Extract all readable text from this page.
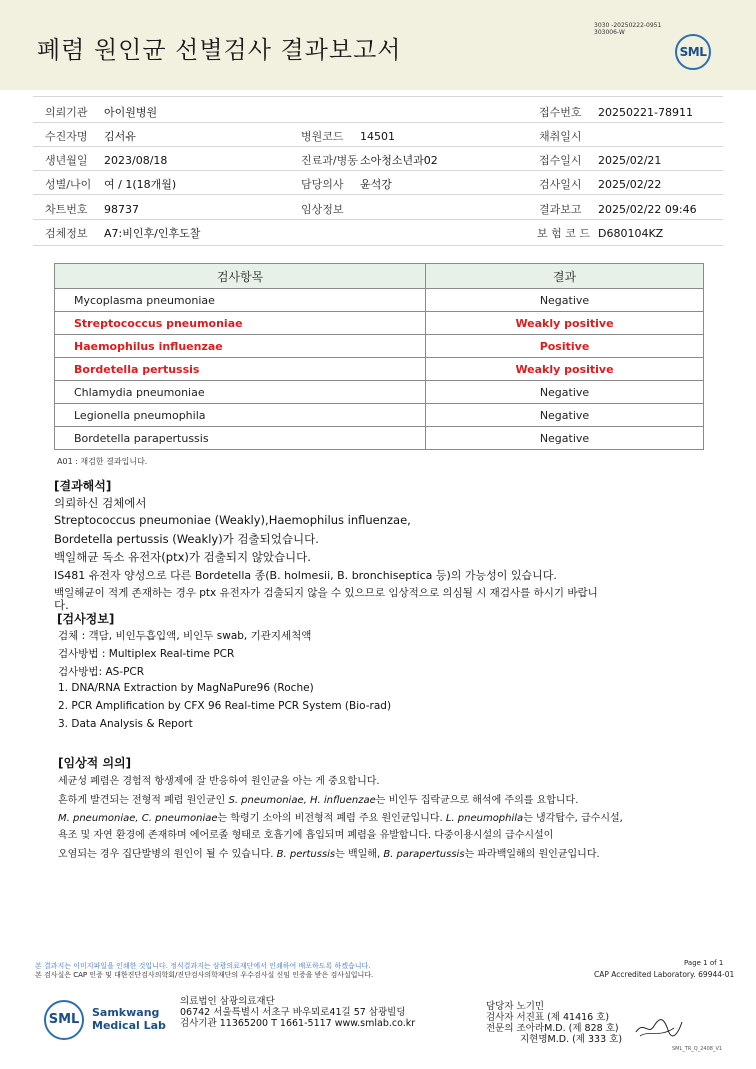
폐렴 원인균 선별검사 결과보고서
3030 -20250222-0951
303006-W
SML
의뢰기관 아이원병원	접수번호 20250221-78911
수진자명 김서유	병원코드 14501	채취일시
생년월일 2023/08/18	진료과/병동 소아청소년과02	접수일시 2025/02/21
성별/나이 여 / 1(18개월)	담당의사 윤석강	검사일시 2025/02/22
차트번호 98737	임상정보	결과보고 2025/02/22 09:46
검체정보 A7:비인후/인후도찰	보 험 코 드 D680104KZ
검사항목	결과
Mycoplasma pneumoniae	Negative
Streptococcus pneumoniae	Weakly positive
Haemophilus influenzae	Positive
Bordetella pertussis	Weakly positive
Chlamydia pneumoniae	Negative
Legionella pneumophila	Negative
Bordetella parapertussis	Negative
A01 : 재검한 결과입니다.
[결과해석]
의뢰하신 검체에서
Streptococcus pneumoniae (Weakly),Haemophilus influenzae,
Bordetella pertussis (Weakly)가 검출되었습니다.
백일해균 독소 유전자(ptx)가 검출되지 않았습니다.
IS481 유전자 양성으로 다른 Bordetella 종(B. holmesii, B. bronchiseptica 등)의 가능성이 있습니다.
백일해균이 적게 존재하는 경우 ptx 유전자가 검출되지 않을 수 있으므로 임상적으로 의심될 시 재검사를 하시기 바랍니
다.
[검사정보]
검체 : 객담, 비인두흡입액, 비인두 swab, 기관지세척액
검사방법 : Multiplex Real-time PCR
검사방법: AS-PCR
1. DNA/RNA Extraction by MagNaPure96 (Roche)
2. PCR Amplification by CFX 96 Real-time PCR System (Bio-rad)
3. Data Analysis & Report
[임상적 의의]
세균성 폐렴은 경험적 항생제에 잘 반응하여 원인균을 아는 게 중요합니다.
흔하게 발견되는 전형적 폐렴 원인균인 S. pneumoniae, H. influenzae는 비인두 집락균으로 해석에 주의를 요합니다.
M. pneumoniae, C. pneumoniae는 학령기 소아의 비전형적 폐렴 주요 원인균입니다. L. pneumophila는 냉각탑수, 급수시설,
욕조 및 자연 환경에 존재하며 에어로졸 형태로 호흡기에 흡입되며 폐렴을 유발합니다. 다중이용시설의 급수시설이
오염되는 경우 집단발병의 원인이 될 수 있습니다. B. pertussis는 백일해, B. parapertussis는 파라백일해의 원인균입니다.
본 결과지는 이미지파일을 인쇄한 것입니다. 정식결과지는 삼광의료재단에서 인쇄하여 배포하도록 하겠습니다.
본 검사실은 CAP 인증 및 대한진단검사의학회/진단검사의학재단의 우수검사실 신임 인증을 받은 검사실입니다.
Page 1 of 1
CAP Accredited Laboratory. 69944-01
SML	Samkwang
Medical Lab
의료법인 삼광의료재단
06742 서울특별시 서초구 바우뫼로41길 57 삼광빌딩
검사기관 11365200 T 1661-5117 www.smlab.co.kr
담당자 노기민
검사자 서진표 (제 41416 호)
전문의 조아라M.D. (제 828 호)
지현명M.D. (제 333 호)
SML_TR_Q_2408_V1
